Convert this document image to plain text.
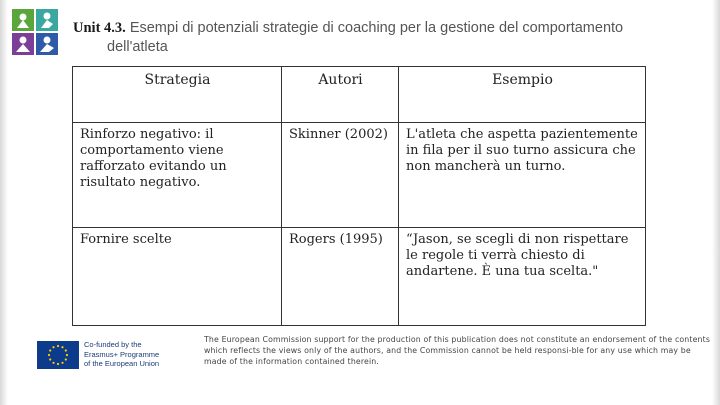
Unit 4.3. Esempi di potenziali strategie di coaching per la gestione del comportamento
dell'atleta
Strategia	Autori	Esempio
Rinforzo negativo: il comportamento viene rafforzato evitando un risultato negativo.	Skinner (2002)	L'atleta che aspetta pazientemente in fila per il suo turno assicura che non mancherà un turno.
Fornire scelte	Rogers (1995)	“Jason, se scegli di non rispettare le regole ti verrà chiesto di andartene. È una tua scelta."
Co-funded by the
Erasmus+ Programme
of the European Union
The European Commission support for the production of this publication does not constitute an endorsement of the contents which reflects the views only of the authors, and the Commission cannot be held responsi-ble for any use which may be made of the information contained therein.
